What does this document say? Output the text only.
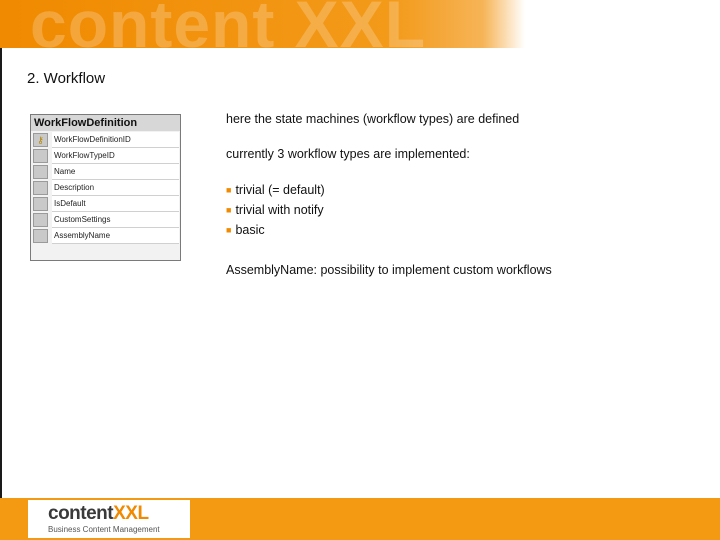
content XXL
2. Workflow
WorkFlowDefinition
⚷	WorkFlowDefinitionID
WorkFlowTypeID
Name
Description
IsDefault
CustomSettings
AssemblyName
here the state machines (workflow types) are defined
currently 3 workflow types are implemented:
■ trivial (= default)
■ trivial with notify
■ basic
AssemblyName: possibility to implement custom workflows
contentXXL
Business Content Management
